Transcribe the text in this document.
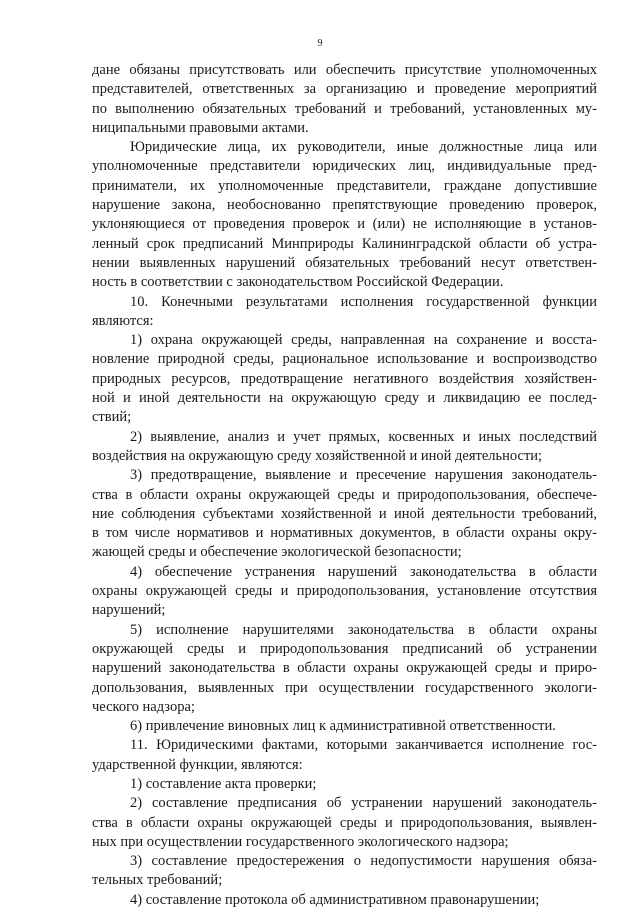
9
дане обязаны присутствовать или обеспечить присутствие уполномоченных
представителей, ответственных за организацию и проведение мероприятий
по выполнению обязательных требований и требований, установленных му-
ниципальными правовыми актами.
Юридические лица, их руководители, иные должностные лица или
уполномоченные представители юридических лиц, индивидуальные пред-
приниматели, их уполномоченные представители, граждане допустившие
нарушение закона, необоснованно препятствующие проведению проверок,
уклоняющиеся от проведения проверок и (или) не исполняющие в установ-
ленный срок предписаний Минприроды Калининградской области об устра-
нении выявленных нарушений обязательных требований несут ответствен-
ность в соответствии с законодательством Российской Федерации.
10. Конечными результатами исполнения государственной функции
являются:
1) охрана окружающей среды, направленная на сохранение и восста-
новление природной среды, рациональное использование и воспроизводство
природных ресурсов, предотвращение негативного воздействия хозяйствен-
ной и иной деятельности на окружающую среду и ликвидацию ее послед-
ствий;
2) выявление, анализ и учет прямых, косвенных и иных последствий
воздействия на окружающую среду хозяйственной и иной деятельности;
3) предотвращение, выявление и пресечение нарушения законодатель-
ства в области охраны окружающей среды и природопользования, обеспече-
ние соблюдения субъектами хозяйственной и иной деятельности требований,
в том числе нормативов и нормативных документов, в области охраны окру-
жающей среды и обеспечение экологической безопасности;
4) обеспечение устранения нарушений законодательства в области
охраны окружающей среды и природопользования, установление отсутствия
нарушений;
5) исполнение нарушителями законодательства в области охраны
окружающей среды и природопользования предписаний об устранении
нарушений законодательства в области охраны окружающей среды и приро-
допользования, выявленных при осуществлении государственного экологи-
ческого надзора;
6) привлечение виновных лиц к административной ответственности.
11. Юридическими фактами, которыми заканчивается исполнение гос-
ударственной функции, являются:
1) составление акта проверки;
2) составление предписания об устранении нарушений законодатель-
ства в области охраны окружающей среды и природопользования, выявлен-
ных при осуществлении государственного экологического надзора;
3) составление предостережения о недопустимости нарушения обяза-
тельных требований;
4) составление протокола об административном правонарушении;
